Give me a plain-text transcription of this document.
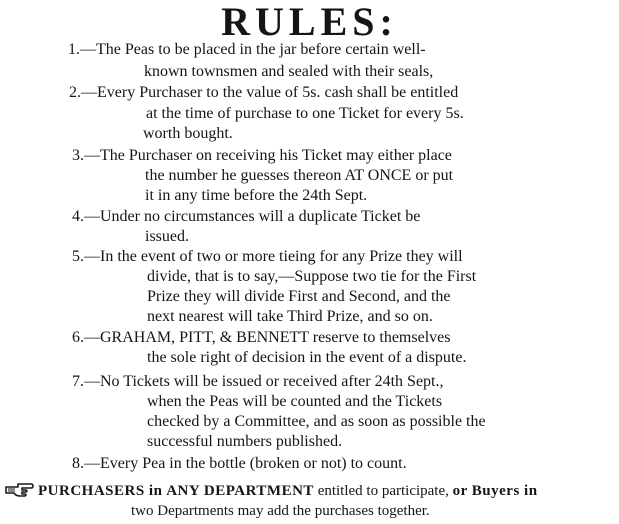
RULES:
1.—The Peas to be placed in the jar before certain well-
known townsmen and sealed with their seals,
2.—Every Purchaser to the value of 5s. cash shall be entitled
at the time of purchase to one Ticket for every 5s.
worth bought.
3.—The Purchaser on receiving his Ticket may either place
the number he guesses thereon AT ONCE or put
it in any time before the 24th Sept.
4.—Under no circumstances will a duplicate Ticket be
issued.
5.—In the event of two or more tieing for any Prize they will
divide, that is to say,—Suppose two tie for the First
Prize they will divide First and Second, and the
next nearest will take Third Prize, and so on.
6.—GRAHAM, PITT, & BENNETT reserve to themselves
the sole right of decision in the event of a dispute.
7.—No Tickets will be issued or received after 24th Sept.,
when the Peas will be counted and the Tickets
checked by a Committee, and as soon as possible the
successful numbers published.
8.—Every Pea in the bottle (broken or not) to count.
PURCHASERS in ANY DEPARTMENT entitled to participate, or Buyers in
two Departments may add the purchases together.
